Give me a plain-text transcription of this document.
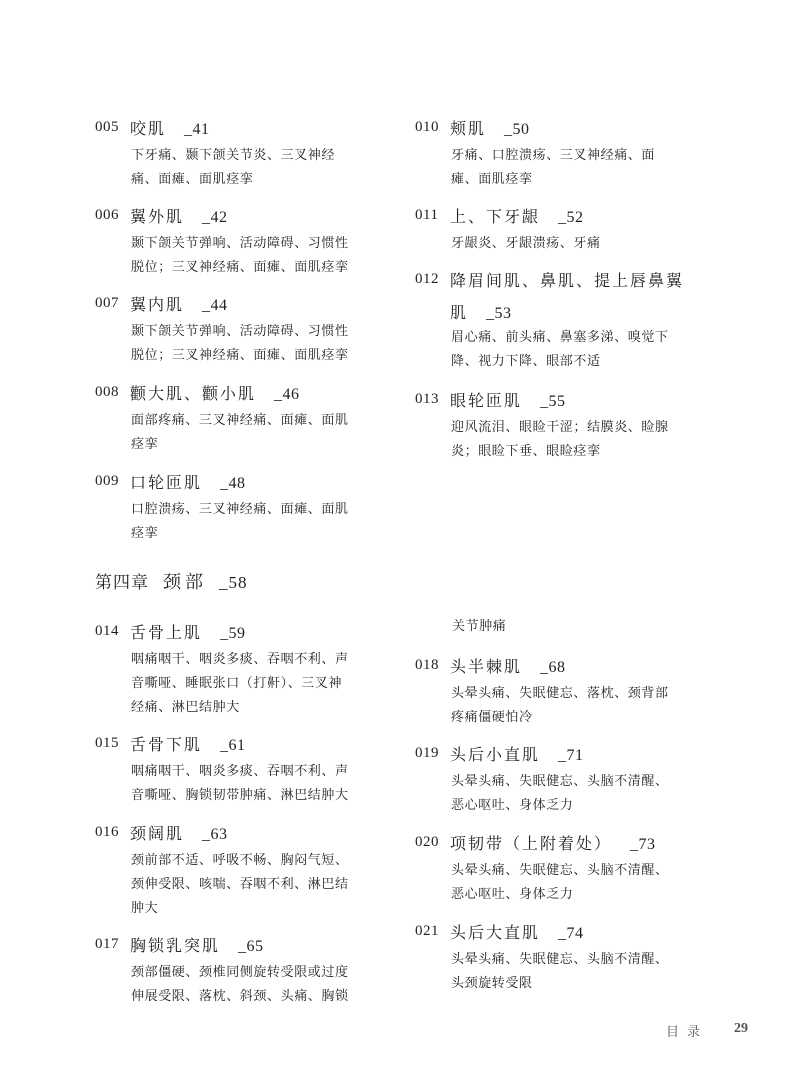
005 咬肌 _41
下牙痛、颞下颌关节炎、三叉神经
痛、面瘫、面肌痉挛
006 翼外肌 _42
颞下颌关节弹响、活动障碍、习惯性
脱位；三叉神经痛、面瘫、面肌痉挛
007 翼内肌 _44
颞下颌关节弹响、活动障碍、习惯性
脱位；三叉神经痛、面瘫、面肌痉挛
008 颧大肌、颧小肌 _46
面部疼痛、三叉神经痛、面瘫、面肌
痉挛
009 口轮匝肌 _48
口腔溃疡、三叉神经痛、面瘫、面肌
痉挛
010 颊肌 _50
牙痛、口腔溃疡、三叉神经痛、面
瘫、面肌痉挛
011 上、下牙龈 _52
牙龈炎、牙龈溃疡、牙痛
012 降眉间肌、鼻肌、提上唇鼻翼
肌 _53
眉心痛、前头痛、鼻塞多涕、嗅觉下
降、视力下降、眼部不适
013 眼轮匝肌 _55
迎风流泪、眼睑干涩；结膜炎、睑腺
炎；眼睑下垂、眼睑痉挛
第四章 颈部 _58
014 舌骨上肌 _59
咽痛咽干、咽炎多痰、吞咽不利、声
音嘶哑、睡眠张口（打鼾）、三叉神
经痛、淋巴结肿大
015 舌骨下肌 _61
咽痛咽干、咽炎多痰、吞咽不利、声
音嘶哑、胸锁韧带肿痛、淋巴结肿大
016 颈阔肌 _63
颈前部不适、呼吸不畅、胸闷气短、
颈伸受限、咳喘、吞咽不利、淋巴结
肿大
017 胸锁乳突肌 _65
颈部僵硬、颈椎同侧旋转受限或过度
伸展受限、落枕、斜颈、头痛、胸锁
关节肿痛
018 头半棘肌 _68
头晕头痛、失眠健忘、落枕、颈背部
疼痛僵硬怕冷
019 头后小直肌 _71
头晕头痛、失眠健忘、头脑不清醒、
恶心呕吐、身体乏力
020 项韧带（上附着处） _73
头晕头痛、失眠健忘、头脑不清醒、
恶心呕吐、身体乏力
021 头后大直肌 _74
头晕头痛、失眠健忘、头脑不清醒、
头颈旋转受限
目录 29
